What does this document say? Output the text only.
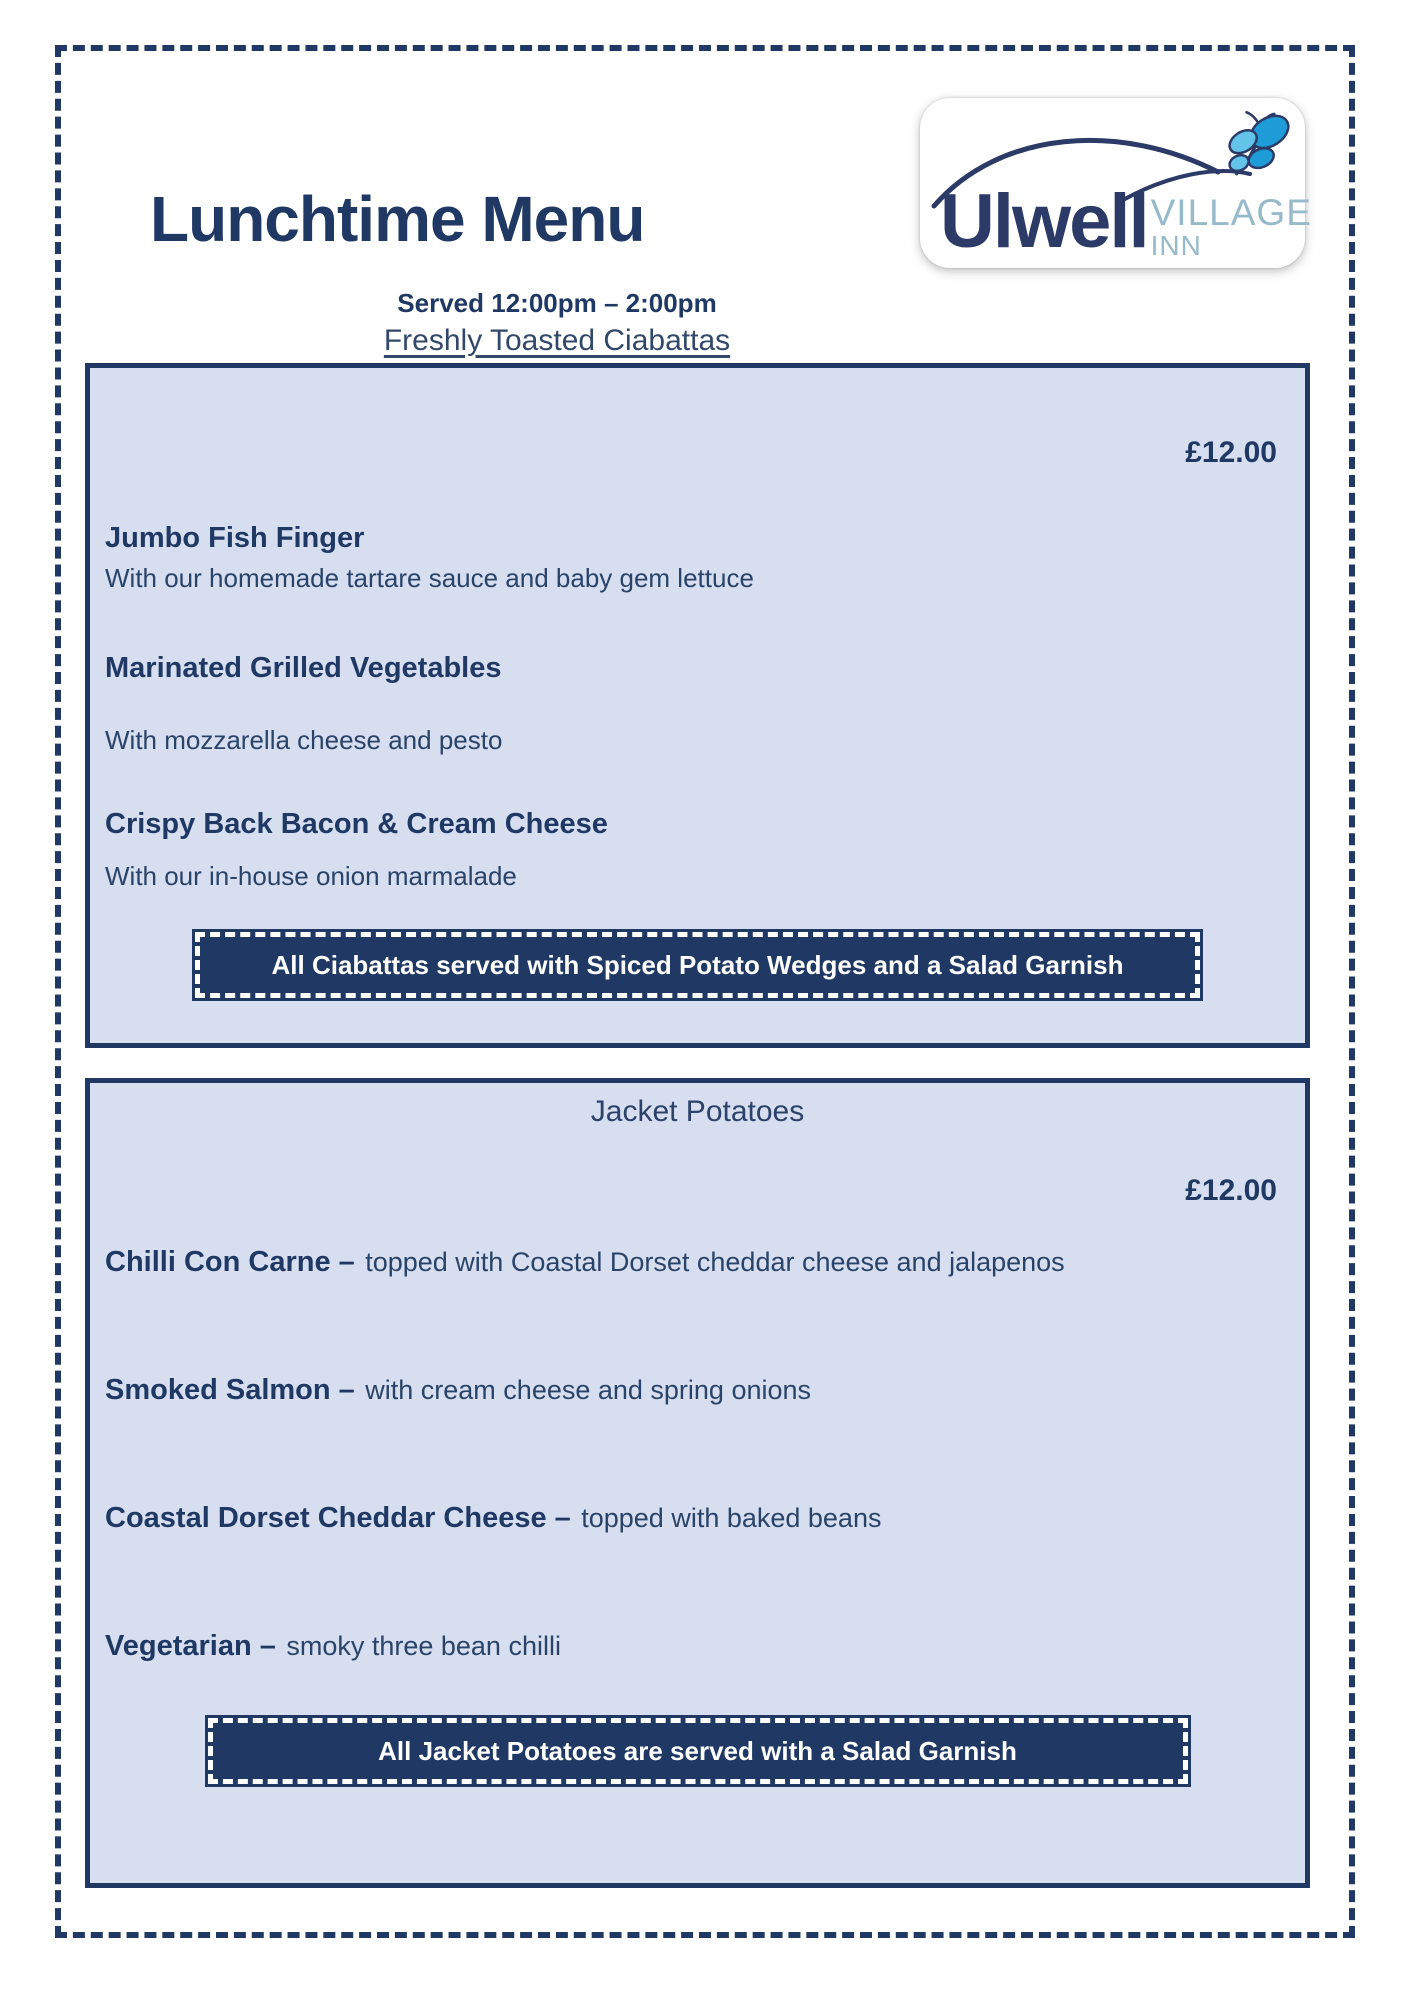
Lunchtime Menu	Ulwell VILLAGE
INN
Served 12:00pm – 2:00pm
Freshly Toasted Ciabattas
£12.00
Jumbo Fish Finger
With our homemade tartare sauce and baby gem lettuce
Marinated Grilled Vegetables
With mozzarella cheese and pesto
Crispy Back Bacon & Cream Cheese
With our in-house onion marmalade
All Ciabattas served with Spiced Potato Wedges and a Salad Garnish
Jacket Potatoes
£12.00
Chilli Con Carne – topped with Coastal Dorset cheddar cheese and jalapenos
Smoked Salmon – with cream cheese and spring onions
Coastal Dorset Cheddar Cheese – topped with baked beans
Vegetarian – smoky three bean chilli
All Jacket Potatoes are served with a Salad Garnish
